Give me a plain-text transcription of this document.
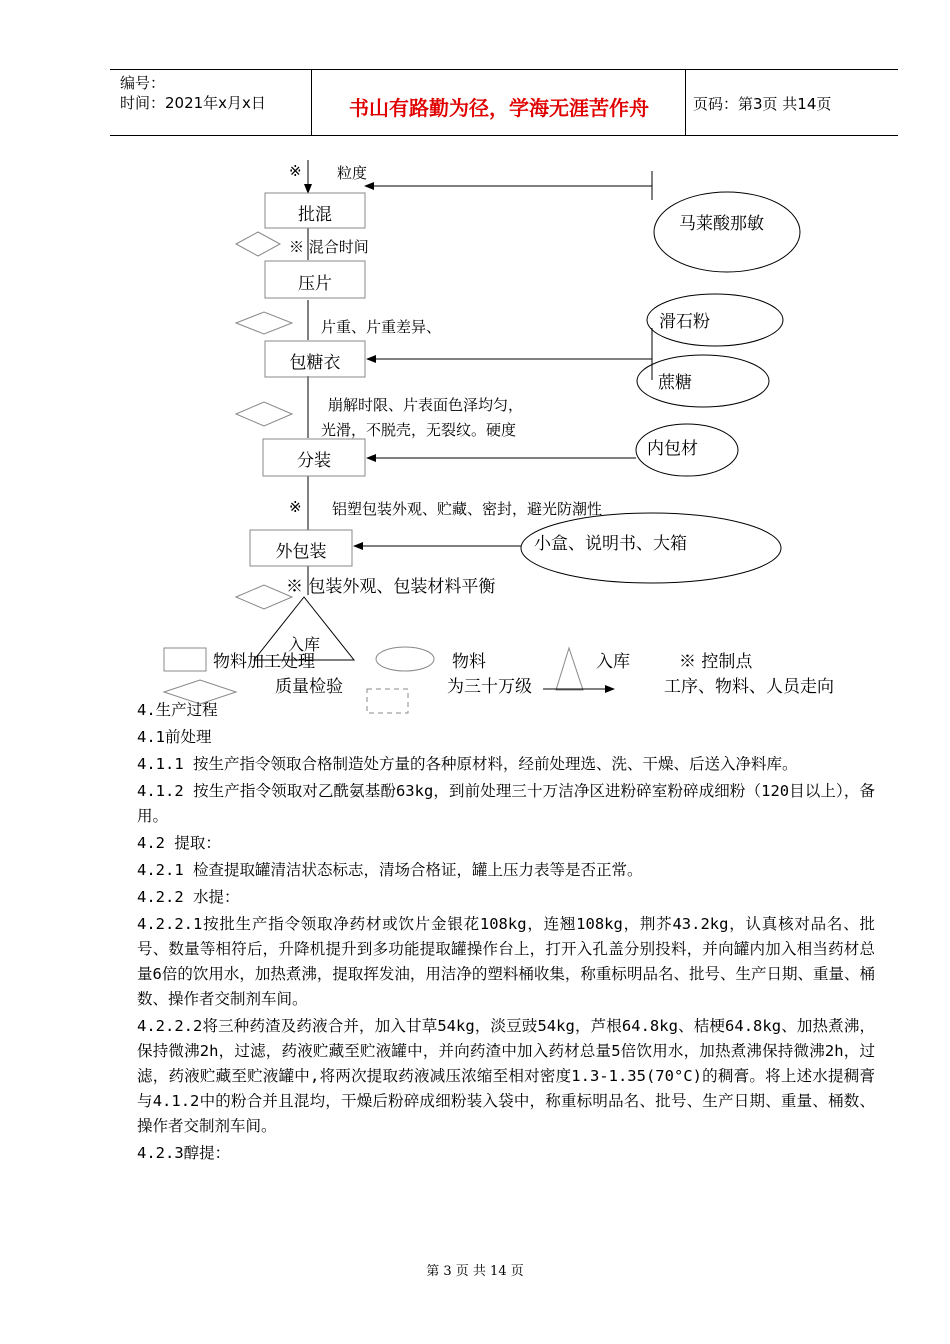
编号：
时间：2021年x月x日	书山有路勤为径，学海无涯苦作舟	页码：第3页 共14页
批混
压片
包糖衣
分装
外包装
入库
马莱酸那敏
滑石粉
蔗糖
内包材
小盒、说明书、大箱
※ 粒度
※ 混合时间
片重、片重差异、
崩解时限、片表面色泽均匀，
光滑，不脱壳，无裂纹。硬度
※ 铝塑包装外观、贮藏、密封，避光防潮性
※ 包装外观、包装材料平衡
物料加工处理	物料	入库	※ 控制点
质量检验	为三十万级	工序、物料、人员走向

4.生产过程

4.1前处理

4.1.1 按生产指令领取合格制造处方量的各种原材料，经前处理选、洗、干燥、后送入净料库。

4.1.2 按生产指令领取对乙酰氨基酚63kg，到前处理三十万洁净区进粉碎室粉碎成细粉（120目以上），备用。

4.2 提取：

4.2.1 检查提取罐清洁状态标志，清场合格证，罐上压力表等是否正常。

4.2.2 水提：

4.2.2.1按批生产指令领取净药材或饮片金银花108kg，连翘108kg，荆芥43.2kg，认真核对品名、批号、数量等相符后，升降机提升到多功能提取罐操作台上，打开入孔盖分别投料，并向罐内加入相当药材总量6倍的饮用水，加热煮沸，提取挥发油，用洁净的塑料桶收集，称重标明品名、批号、生产日期、重量、桶数、操作者交制剂车间。

4.2.2.2将三种药渣及药液合并，加入甘草54kg，淡豆豉54kg，芦根64.8kg、桔梗64.8kg、加热煮沸，保持微沸2h，过滤，药液贮藏至贮液罐中，并向药渣中加入药材总量5倍饮用水，加热煮沸保持微沸2h，过滤，药液贮藏至贮液罐中,将两次提取药液减压浓缩至相对密度1.3-1.35(70°C)的稠膏。将上述水提稠膏与4.1.2中的粉合并且混均，干燥后粉碎成细粉装入袋中，称重标明品名、批号、生产日期、重量、桶数、操作者交制剂车间。

4.2.3醇提：

第 3 页 共 14 页
